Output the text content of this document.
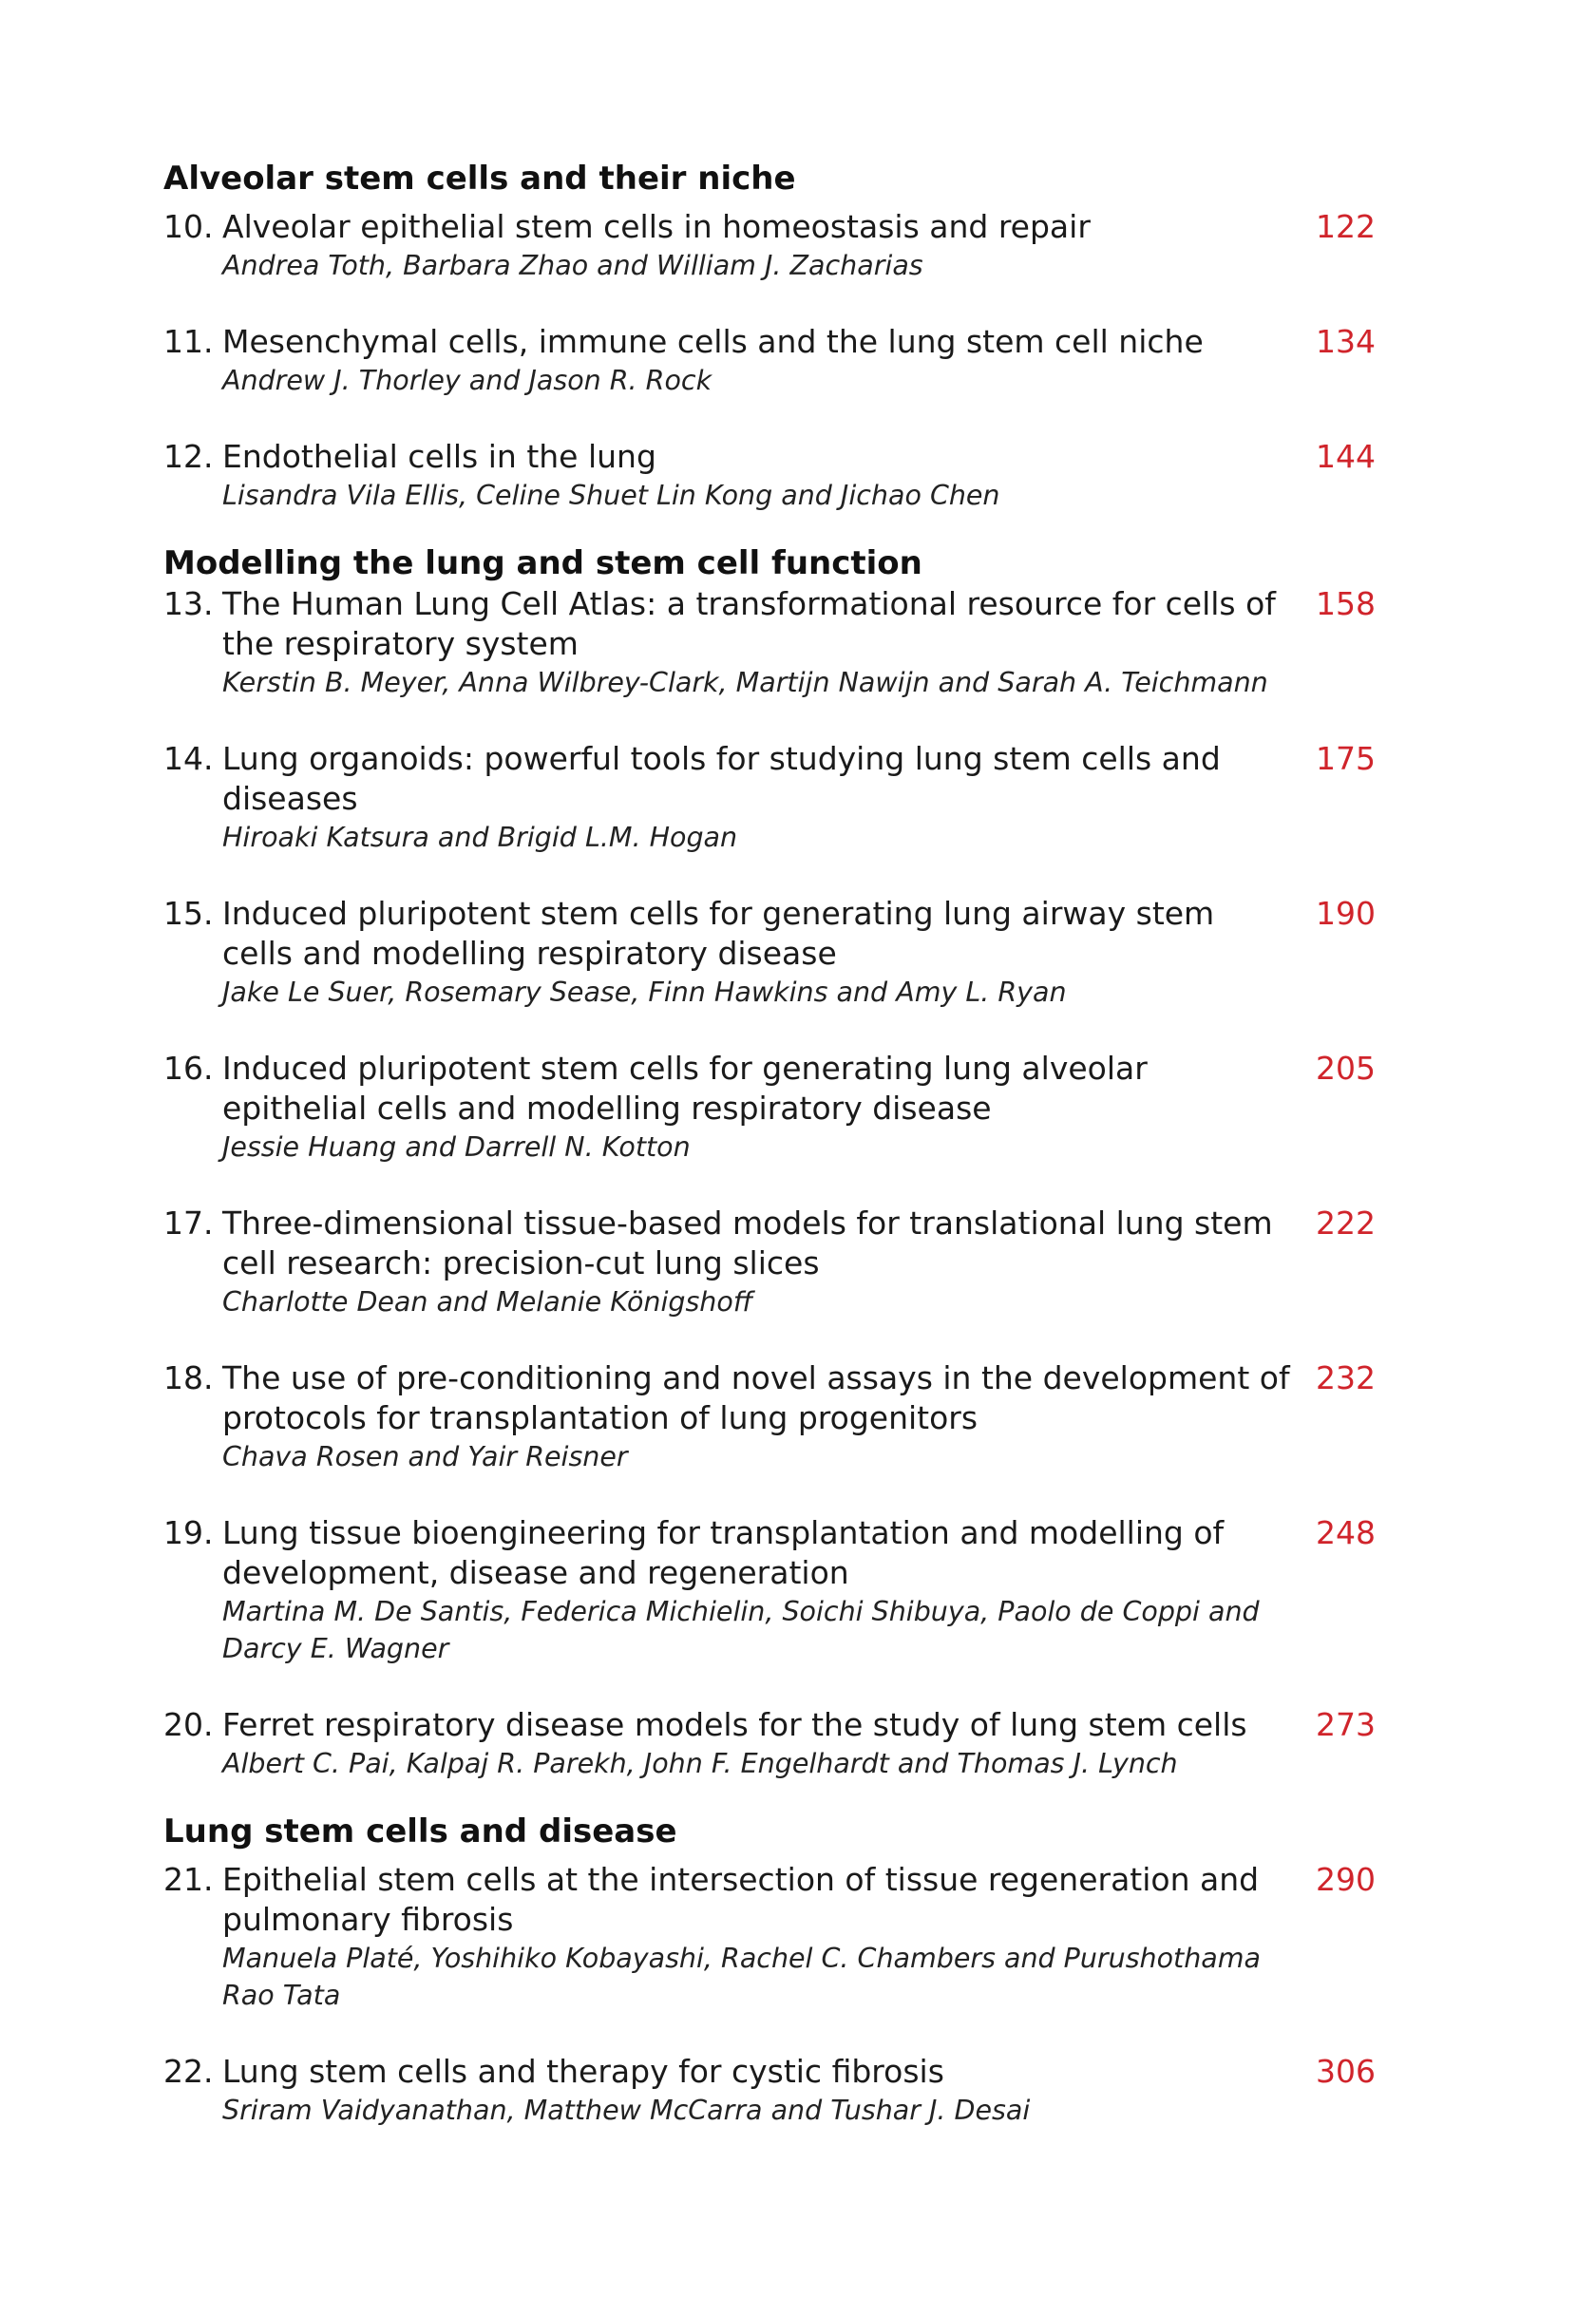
Alveolar stem cells and their niche
10. Alveolar epithelial stem cells in homeostasis and repair
Andrea Toth, Barbara Zhao and William J. Zacharias
122
11. Mesenchymal cells, immune cells and the lung stem cell niche
Andrew J. Thorley and Jason R. Rock
134
12. Endothelial cells in the lung
Lisandra Vila Ellis, Celine Shuet Lin Kong and Jichao Chen
144
Modelling the lung and stem cell function
13. The Human Lung Cell Atlas: a transformational resource for cells of the respiratory system
Kerstin B. Meyer, Anna Wilbrey-Clark, Martijn Nawijn and Sarah A. Teichmann
158
14. Lung organoids: powerful tools for studying lung stem cells and diseases
Hiroaki Katsura and Brigid L.M. Hogan
175
15. Induced pluripotent stem cells for generating lung airway stem cells and modelling respiratory disease
Jake Le Suer, Rosemary Sease, Finn Hawkins and Amy L. Ryan
190
16. Induced pluripotent stem cells for generating lung alveolar epithelial cells and modelling respiratory disease
Jessie Huang and Darrell N. Kotton
205
17. Three-dimensional tissue-based models for translational lung stem cell research: precision-cut lung slices
Charlotte Dean and Melanie Königshoff
222
18. The use of pre-conditioning and novel assays in the development of protocols for transplantation of lung progenitors
Chava Rosen and Yair Reisner
232
19. Lung tissue bioengineering for transplantation and modelling of development, disease and regeneration
Martina M. De Santis, Federica Michielin, Soichi Shibuya, Paolo de Coppi and Darcy E. Wagner
248
20. Ferret respiratory disease models for the study of lung stem cells
Albert C. Pai, Kalpaj R. Parekh, John F. Engelhardt and Thomas J. Lynch
273
Lung stem cells and disease
21. Epithelial stem cells at the intersection of tissue regeneration and pulmonary fibrosis
Manuela Platé, Yoshihiko Kobayashi, Rachel C. Chambers and Purushothama Rao Tata
290
22. Lung stem cells and therapy for cystic fibrosis
Sriram Vaidyanathan, Matthew McCarra and Tushar J. Desai
306
